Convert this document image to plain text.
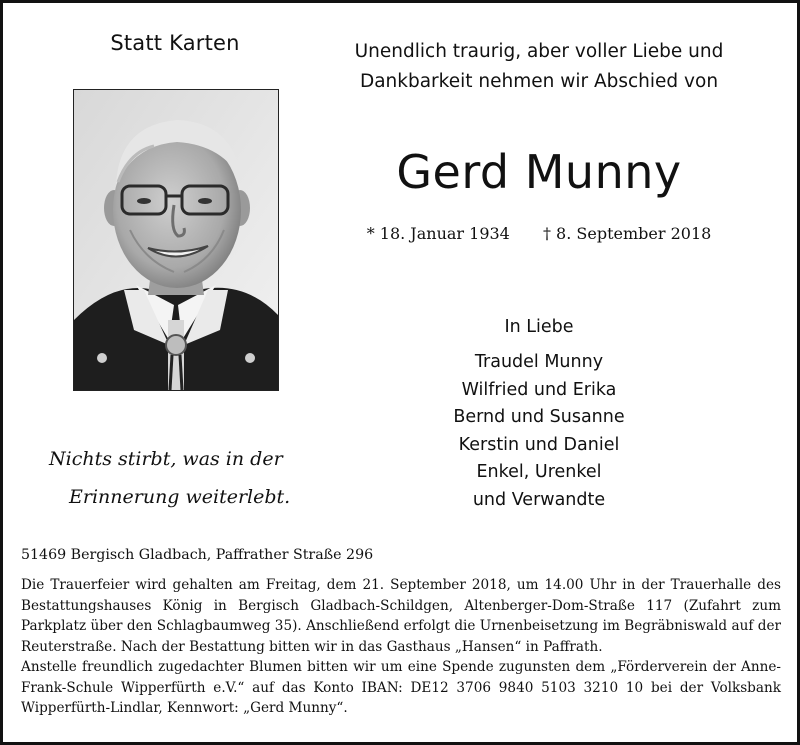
Statt Karten	Unendlich traurig, aber voller Liebe und
Dankbarkeit nehmen wir Abschied von
Gerd Munny
* 18. Januar 1934 † 8. September 2018
In Liebe
Traudel Munny
Wilfried und Erika
Bernd und Susanne
Kerstin und Daniel
Enkel, Urenkel
und Verwandte
Nichts stirbt, was in der
Erinnerung weiterlebt.
51469 Bergisch Gladbach, Paffrather Straße 296

Die Trauerfeier wird gehalten am Freitag, dem 21. September 2018, um 14.00 Uhr in der Trauerhalle des Bestattungshauses König in Bergisch Gladbach-Schildgen, Altenberger-Dom-Straße 117 (Zufahrt zum Parkplatz über den Schlagbaumweg 35). Anschließend erfolgt die Urnenbeisetzung im Begräbniswald auf der Reuterstraße. Nach der Bestattung bitten wir in das Gasthaus „Hansen“ in Paffrath.

Anstelle freundlich zugedachter Blumen bitten wir um eine Spende zugunsten dem „Förderverein der Anne-Frank-Schule Wipperfürth e.V.“ auf das Konto IBAN: DE12 3706 9840 5103 3210 10 bei der Volksbank Wipperfürth-Lindlar, Kennwort: „Gerd Munny“.
